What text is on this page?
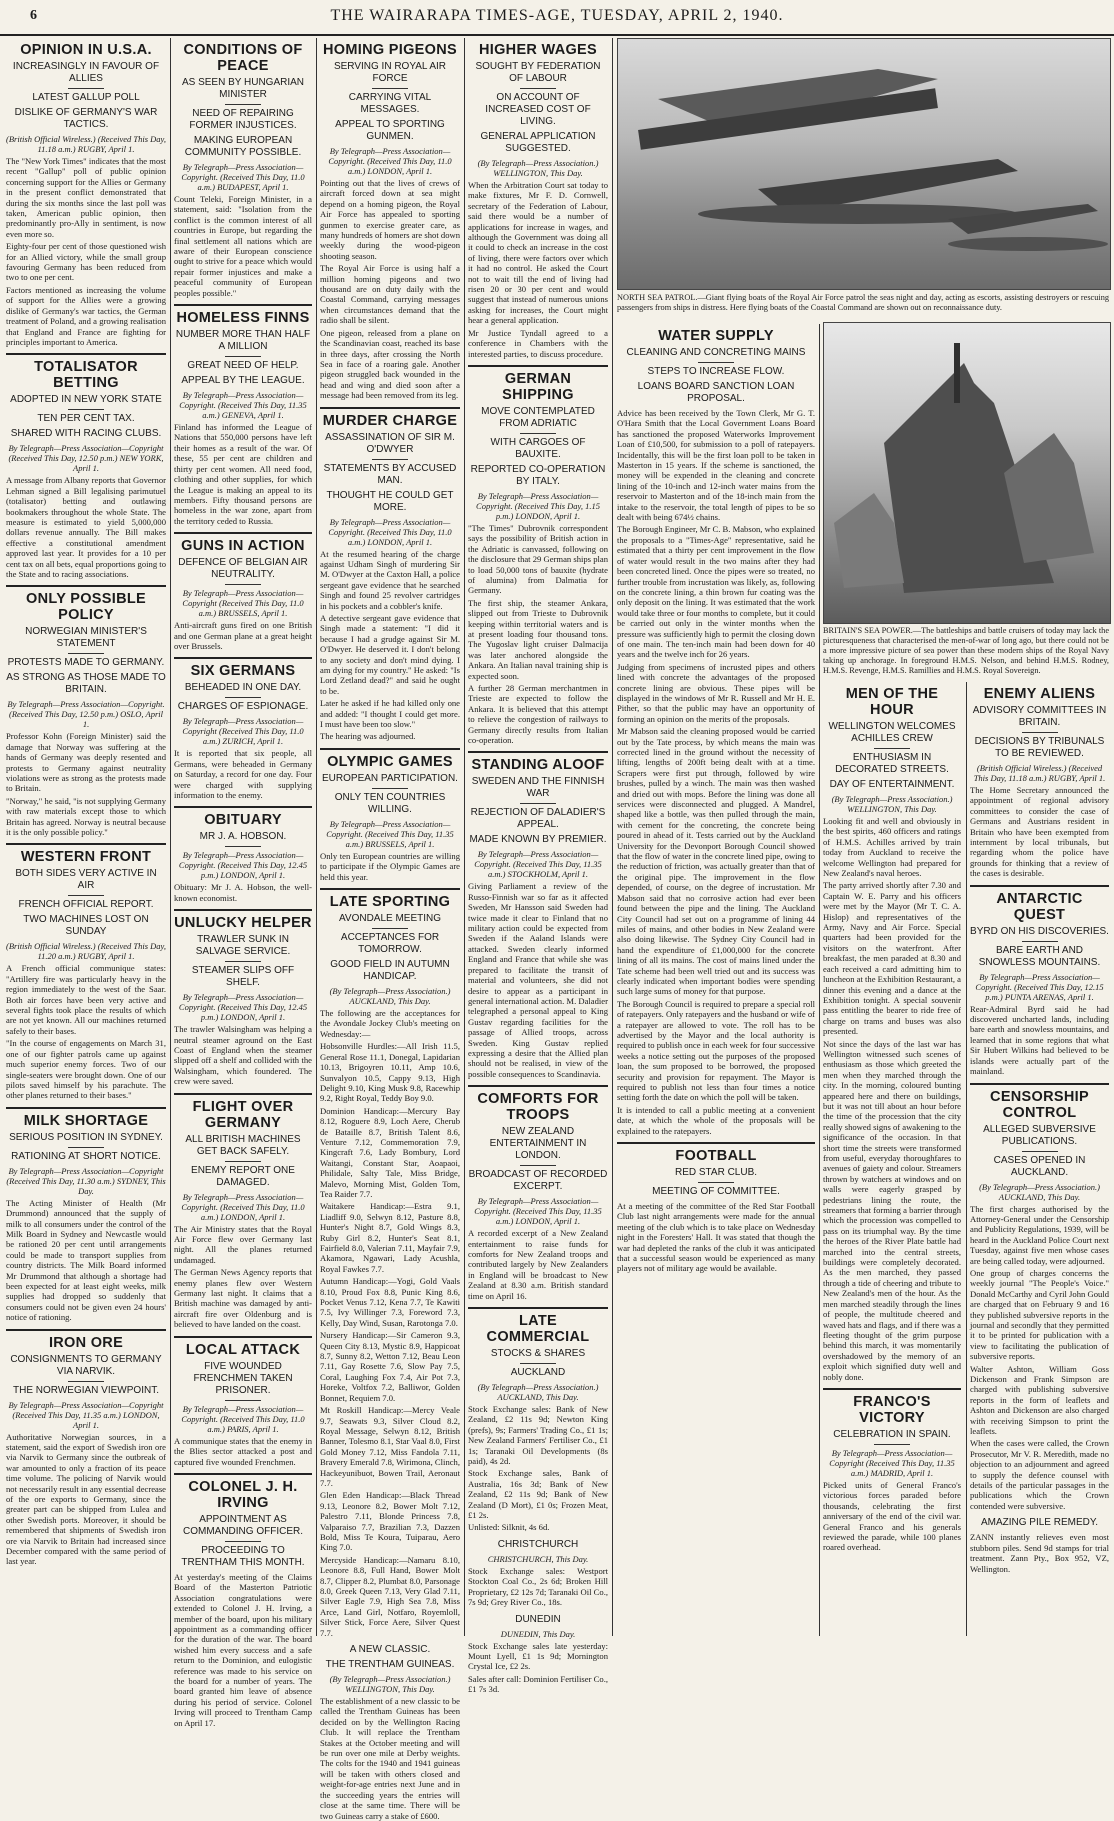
6	THE WAIRARAPA TIMES-AGE, TUESDAY, APRIL 2, 1940.
OPINION IN U.S.A.
INCREASINGLY IN FAVOUR OF ALLIES
LATEST GALLUP POLL
DISLIKE OF GERMANY'S WAR TACTICS.
(British Official Wireless.) (Received This Day, 11.18 a.m.) RUGBY, April 1.

The "New York Times" indicates that the most recent "Gallup" poll of public opinion concerning support for the Allies or Germany in the present conflict demonstrated that during the six months since the last poll was taken, American public opinion, then predominantly pro-Ally in sentiment, is now even more so.

Eighty-four per cent of those questioned wish for an Allied victory, while the small group favouring Germany has been reduced from two to one per cent.

Factors mentioned as increasing the volume of support for the Allies were a growing dislike of Germany's war tactics, the German treatment of Poland, and a growing realisation that England and France are fighting for principles important to America.

TOTALISATOR BETTING
ADOPTED IN NEW YORK STATE
TEN PER CENT TAX.
SHARED WITH RACING CLUBS.
By Telegraph—Press Association—Copyright (Received This Day, 12.50 p.m.) NEW YORK, April 1.

A message from Albany reports that Governor Lehman signed a Bill legalising parimutuel (totalisator) betting and outlawing bookmakers throughout the whole State. The measure is estimated to yield 5,000,000 dollars revenue annually. The Bill makes effective a constitutional amendment approved last year. It provides for a 10 per cent tax on all bets, equal proportions going to the State and to racing associations.

ONLY POSSIBLE POLICY
NORWEGIAN MINISTER'S STATEMENT
PROTESTS MADE TO GERMANY.
AS STRONG AS THOSE MADE TO BRITAIN.
By Telegraph—Press Association—Copyright. (Received This Day, 12.50 p.m.) OSLO, April 1.

Professor Kohn (Foreign Minister) said the damage that Norway was suffering at the hands of Germany was deeply resented and protests to Germany against neutrality violations were as strong as the protests made to Britain.

"Norway," he said, "is not supplying Germany with raw materials except those to which Britain has agreed. Norway is neutral because it is the only possible policy."

WESTERN FRONT
BOTH SIDES VERY ACTIVE IN AIR
FRENCH OFFICIAL REPORT.
TWO MACHINES LOST ON SUNDAY
(British Official Wireless.) (Received This Day, 11.20 a.m.) RUGBY, April 1.

A French official communique states: "Artillery fire was particularly heavy in the region immediately to the west of the Saar. Both air forces have been very active and several fights took place the results of which are not yet known. All our machines returned safely to their bases.

"In the course of engagements on March 31, one of our fighter patrols came up against much superior enemy forces. Two of our single-seaters were brought down. One of our pilots saved himself by his parachute. The other planes returned to their bases."

MILK SHORTAGE
SERIOUS POSITION IN SYDNEY.
RATIONING AT SHORT NOTICE.
By Telegraph—Press Association—Copyright (Received This Day, 11.30 a.m.) SYDNEY, This Day.

The Acting Minister of Health (Mr Drummond) announced that the supply of milk to all consumers under the control of the Milk Board in Sydney and Newcastle would be rationed 20 per cent until arrangements could be made to transport supplies from country districts. The Milk Board informed Mr Drummond that although a shortage had been expected for at least eight weeks, milk supplies had dropped so suddenly that consumers could not be given even 24 hours' notice of rationing.

IRON ORE
CONSIGNMENTS TO GERMANY VIA NARVIK.
THE NORWEGIAN VIEWPOINT.
By Telegraph—Press Association—Copyright (Received This Day, 11.35 a.m.) LONDON, April 1.

Authoritative Norwegian sources, in a statement, said the export of Swedish iron ore via Narvik to Germany since the outbreak of war amounted to only a fraction of its peace time volume. The policing of Narvik would not necessarily result in any essential decrease of the ore exports to Germany, since the greater part can be shipped from Lulea and other Swedish ports. Moreover, it should be remembered that shipments of Swedish iron ore via Narvik to Britain had increased since December compared with the same period of last year.

CONDITIONS OF PEACE
AS SEEN BY HUNGARIAN MINISTER
NEED OF REPAIRING FORMER INJUSTICES.
MAKING EUROPEAN COMMUNITY POSSIBLE.
By Telegraph—Press Association—Copyright. (Received This Day, 11.0 a.m.) BUDAPEST, April 1.

Count Teleki, Foreign Minister, in a statement, said: "Isolation from the conflict is the common interest of all countries in Europe, but regarding the final settlement all nations which are aware of their European conscience ought to strive for a peace which would repair former injustices and make a peaceful community of European peoples possible."

HOMELESS FINNS
NUMBER MORE THAN HALF A MILLION
GREAT NEED OF HELP.
APPEAL BY THE LEAGUE.
By Telegraph—Press Association—Copyright. (Received This Day, 11.35 a.m.) GENEVA, April 1.

Finland has informed the League of Nations that 550,000 persons have left their homes as a result of the war. Of these, 55 per cent are children and thirty per cent women. All need food, clothing and other supplies, for which the League is making an appeal to its members. Fifty thousand persons are homeless in the war zone, apart from the territory ceded to Russia.

GUNS IN ACTION
DEFENCE OF BELGIAN AIR NEUTRALITY.
By Telegraph—Press Association—Copyright (Received This Day, 11.0 a.m.) BRUSSELS, April 1.

Anti-aircraft guns fired on one British and one German plane at a great height over Brussels.

SIX GERMANS
BEHEADED IN ONE DAY.
CHARGES OF ESPIONAGE.
By Telegraph—Press Association—Copyright (Received This Day, 11.0 a.m.) ZURICH, April 1.

It is reported that six people, all Germans, were beheaded in Germany on Saturday, a record for one day. Four were charged with supplying information to the enemy.

OBITUARY
MR J. A. HOBSON.
By Telegraph—Press Association—Copyright. (Received This Day, 12.45 p.m.) LONDON, April 1.

Obituary: Mr J. A. Hobson, the well-known economist.

UNLUCKY HELPER
TRAWLER SUNK IN SALVAGE SERVICE.
STEAMER SLIPS OFF SHELF.
By Telegraph—Press Association—Copyright. (Received This Day, 12.45 p.m.) LONDON, April 1.

The trawler Walsingham was helping a neutral steamer aground on the East Coast of England when the steamer slipped off a shelf and collided with the Walsingham, which foundered. The crew were saved.

FLIGHT OVER GERMANY
ALL BRITISH MACHINES GET BACK SAFELY.
ENEMY REPORT ONE DAMAGED.
By Telegraph—Press Association—Copyright. (Received This Day, 11.0 a.m.) LONDON, April 1.

The Air Ministry states that the Royal Air Force flew over Germany last night. All the planes returned undamaged.

The German News Agency reports that enemy planes flew over Western Germany last night. It claims that a British machine was damaged by anti-aircraft fire over Oldenburg and is believed to have landed on the coast.

LOCAL ATTACK
FIVE WOUNDED FRENCHMEN TAKEN PRISONER.
By Telegraph—Press Association—Copyright. (Received This Day, 11.0 a.m.) PARIS, April 1.

A communique states that the enemy in the Blies sector attacked a post and captured five wounded Frenchmen.

COLONEL J. H. IRVING
APPOINTMENT AS COMMANDING OFFICER.
PROCEEDING TO TRENTHAM THIS MONTH.

At yesterday's meeting of the Claims Board of the Masterton Patriotic Association congratulations were extended to Colonel J. H. Irving, a member of the board, upon his military appointment as a commanding officer for the duration of the war. The board wished him every success and a safe return to the Dominion, and eulogistic reference was made to his service on the board for a number of years. The board granted him leave of absence during his period of service. Colonel Irving will proceed to Trentham Camp on April 17.

HOMING PIGEONS
SERVING IN ROYAL AIR FORCE
CARRYING VITAL MESSAGES.
APPEAL TO SPORTING GUNMEN.
By Telegraph—Press Association—Copyright. (Received This Day, 11.0 a.m.) LONDON, April 1.

Pointing out that the lives of crews of aircraft forced down at sea might depend on a homing pigeon, the Royal Air Force has appealed to sporting gunmen to exercise greater care, as many hundreds of homers are shot down weekly during the wood-pigeon shooting season.

The Royal Air Force is using half a million homing pigeons and two thousand are on duty daily with the Coastal Command, carrying messages when circumstances demand that the radio shall be silent.

One pigeon, released from a plane on the Scandinavian coast, reached its base in three days, after crossing the North Sea in face of a roaring gale. Another pigeon struggled back wounded in the head and wing and died soon after a message had been removed from its leg.

MURDER CHARGE
ASSASSINATION OF SIR M. O'DWYER
STATEMENTS BY ACCUSED MAN.
THOUGHT HE COULD GET MORE.
By Telegraph—Press Association—Copyright. (Received This Day, 11.0 a.m.) LONDON, April 1.

At the resumed hearing of the charge against Udham Singh of murdering Sir M. O'Dwyer at the Caxton Hall, a police sergeant gave evidence that he searched Singh and found 25 revolver cartridges in his pockets and a cobbler's knife.

A detective sergeant gave evidence that Singh made a statement: "I did it because I had a grudge against Sir M. O'Dwyer. He deserved it. I don't belong to any society and don't mind dying. I am dying for my country." He asked: "Is Lord Zetland dead?" and said he ought to be.

Later he asked if he had killed only one and added: "I thought I could get more. I must have been too slow."

The hearing was adjourned.

OLYMPIC GAMES
EUROPEAN PARTICIPATION.
ONLY TEN COUNTRIES WILLING.
By Telegraph—Press Association—Copyright. (Received This Day, 11.35 a.m.) BRUSSELS, April 1.

Only ten European countries are willing to participate if the Olympic Games are held this year.

LATE SPORTING
AVONDALE MEETING
ACCEPTANCES FOR TOMORROW.
GOOD FIELD IN AUTUMN HANDICAP.
(By Telegraph—Press Association.) AUCKLAND, This Day.

The following are the acceptances for the Avondale Jockey Club's meeting on Wednesday:—

Hobsonville Hurdles:—All Irish 11.5, General Rose 11.1, Donegal, Lapidarian 10.13, Brigoyren 10.11, Amp 10.6, Sunvalyon 10.5, Cappy 9.13, High Delight 9.10, King Musk 9.8, Racewhip 9.2, Right Royal, Teddy Boy 9.0.

Dominion Handicap:—Mercury Bay 8.12, Roguere 8.9, Loch Aere, Cherub de Bataille 8.7, British Talent 8.6, Venture 7.12, Commemoration 7.9, Kingcraft 7.6, Lady Bombury, Lord Waitangi, Constant Star, Aoapaoi, Philidale, Salty Tale, Miss Bridge, Malevo, Morning Mist, Golden Tom, Tea Raider 7.7.

Waitakere Handicap:—Estra 9.1, Liadliff 9.0, Selwyn 8.12, Pasture 8.8, Hunter's Night 8.7, Gold Wings 8.3, Ruby Girl 8.2, Hunter's Seat 8.1, Fairfield 8.0, Valerian 7.11, Mayfair 7.9, Akamora, Ngawari, Lady Acushla, Royal Fawkes 7.7.

Autumn Handicap:—Yogi, Gold Vaals 8.10, Proud Fox 8.8, Punic King 8.6, Pocket Venus 7.12, Kena 7.7, Te Kawiti 7.5, Ivy Willinger 7.3, Foreword 7.3, Kelly, Day Wind, Susan, Rarotonga 7.0.

Nursery Handicap:—Sir Cameron 9.3, Queen City 8.13, Mystic 8.9, Happicoat 8.7, Sunny 8.2, Wetton 7.12, Beau Leon 7.11, Gay Rosette 7.6, Slow Pay 7.5, Coral, Laughing Fox 7.4, Air Pot 7.3, Horeke, Voltfox 7.2, Balliwor, Golden Bonnet, Requiem 7.0.

Mt Roskill Handicap:—Mercy Veale 9.7, Seawats 9.3, Silver Cloud 8.2, Royal Message, Selwyn 8.12, British Banner, Tolesmo 8.1, Star Vaal 8.0, First Gold Money 7.12, Miss Fandola 7.11, Bravery Emerald 7.8, Wirimona, Clinch, Hackeyunibuot, Bowen Trail, Aeronaut 7.7.

Glen Eden Handicap:—Black Thread 9.13, Leonore 8.2, Bower Molt 7.12, Palestro 7.11, Blonde Princess 7.8, Valparaiso 7.7, Brazilian 7.3, Dazzen Bold, Miss Te Koura, Tuiparau, Aero King 7.0.

Mercyside Handicap:—Namaru 8.10, Leonore 8.8, Full Hand, Bower Molt 8.7, Clipper 8.2, Plumbat 8.0, Parsonage 8.0, Greek Queen 7.13, Very Glad 7.11, Silver Eagle 7.9, High Sea 7.8, Miss Arce, Land Girl, Notfaro, Royemloll, Silver Stick, Force Aere, Silver Quest 7.7.

A NEW CLASSIC.
THE TRENTHAM GUINEAS.
(By Telegraph—Press Association.) WELLINGTON, This Day.

The establishment of a new classic to be called the Trentham Guineas has been decided on by the Wellington Racing Club. It will replace the Trentham Stakes at the October meeting and will be run over one mile at Derby weights. The colts for the 1940 and 1941 guineas will be taken with others closed and weight-for-age entries next June and in the succeeding years the entries will close at the same time. There will be two Guineas carry a stake of £600.

HIGHER WAGES
SOUGHT BY FEDERATION OF LABOUR
ON ACCOUNT OF INCREASED COST OF LIVING.
GENERAL APPLICATION SUGGESTED.
(By Telegraph—Press Association.) WELLINGTON, This Day.

When the Arbitration Court sat today to make fixtures, Mr F. D. Cornwell, secretary of the Federation of Labour, said there would be a number of applications for increase in wages, and although the Government was doing all it could to check an increase in the cost of living, there were factors over which it had no control. He asked the Court not to wait till the end of living had risen 20 or 30 per cent and would suggest that instead of numerous unions asking for increases, the Court might hear a general application.

Mr Justice Tyndall agreed to a conference in Chambers with the interested parties, to discuss procedure.

GERMAN SHIPPING
MOVE CONTEMPLATED FROM ADRIATIC
WITH CARGOES OF BAUXITE.
REPORTED CO-OPERATION BY ITALY.
By Telegraph—Press Association—Copyright. (Received This Day, 1.15 p.m.) LONDON, April 1.

"The Times" Dubrovnik correspondent says the possibility of British action in the Adriatic is canvassed, following on the disclosure that 29 German ships plan to load 50,000 tons of bauxite (hydrate of alumina) from Dalmatia for Germany.

The first ship, the steamer Ankara, slipped out from Trieste to Dubrovnik keeping within territorial waters and is at present loading four thousand tons. The Yugoslav light cruiser Dalmacija was later anchored alongside the Ankara. An Italian naval training ship is expected soon.

A further 28 German merchantmen in Trieste are expected to follow the Ankara. It is believed that this attempt to relieve the congestion of railways to Germany directly results from Italian co-operation.

STANDING ALOOF
SWEDEN AND THE FINNISH WAR
REJECTION OF DALADIER'S APPEAL.
MADE KNOWN BY PREMIER.
By Telegraph—Press Association—Copyright. (Received This Day, 11.35 a.m.) STOCKHOLM, April 1.

Giving Parliament a review of the Russo-Finnish war so far as it affected Sweden, Mr Hansson said Sweden had twice made it clear to Finland that no military action could be expected from Sweden if the Aaland Islands were attacked. Sweden clearly informed England and France that while she was prepared to facilitate the transit of material and volunteers, she did not desire to appear as a participant in general international action. M. Daladier telegraphed a personal appeal to King Gustav regarding facilities for the passage of Allied troops, across Sweden. King Gustav replied expressing a desire that the Allied plan should not be realised, in view of the possible consequences to Scandinavia.

COMFORTS FOR TROOPS
NEW ZEALAND ENTERTAINMENT IN LONDON.
BROADCAST OF RECORDED EXCERPT.
By Telegraph—Press Association—Copyright. (Received This Day, 11.35 a.m.) LONDON, April 1.

A recorded excerpt of a New Zealand entertainment to raise funds for comforts for New Zealand troops and contributed largely by New Zealanders in England will be broadcast to New Zealand at 8.30 a.m. British standard time on April 16.

LATE COMMERCIAL
STOCKS & SHARES
AUCKLAND
(By Telegraph—Press Association.) AUCKLAND, This Day.

Stock Exchange sales: Bank of New Zealand, £2 11s 9d; Newton King (prefs), 9s; Farmers' Trading Co., £1 1s; New Zealand Farmers' Fertiliser Co., £1 1s; Taranaki Oil Developments (8s paid), 4s 2d.

Stock Exchange sales, Bank of Australia, 16s 3d; Bank of New Zealand, £2 11s 9d; Bank of New Zealand (D Mort), £1 0s; Frozen Meat, £1 2s.

Unlisted: Silknit, 4s 6d.

CHRISTCHURCH
CHRISTCHURCH, This Day.

Stock Exchange sales: Westport Stockton Coal Co., 2s 6d; Broken Hill Proprietary, £2 12s 7d; Taranaki Oil Co., 7s 9d; Grey River Co., 18s.

DUNEDIN
DUNEDIN, This Day.

Stock Exchange sales late yesterday: Mount Lyell, £1 1s 9d; Mornington Crystal Ice, £2 2s.

Sales after call: Dominion Fertiliser Co., £1 7s 3d.

NORTH SEA PATROL.—Giant flying boats of the Royal Air Force patrol the seas night and day, acting as escorts, assisting destroyers or rescuing passengers from ships in distress. Here flying boats of the Coastal Command are shown out on reconnaissance duty.
WATER SUPPLY
CLEANING AND CONCRETING MAINS
STEPS TO INCREASE FLOW.
LOANS BOARD SANCTION LOAN PROPOSAL.

Advice has been received by the Town Clerk, Mr G. T. O'Hara Smith that the Local Government Loans Board has sanctioned the proposed Waterworks Improvement Loan of £10,500, for submission to a poll of ratepayers. Incidentally, this will be the first loan poll to be taken in Masterton in 15 years. If the scheme is sanctioned, the money will be expended in the cleaning and concrete lining of the 10-inch and 12-inch water mains from the reservoir to Masterton and of the 18-inch main from the intake to the reservoir, the total length of pipes to be so dealt with being 674½ chains.

The Borough Engineer, Mr C. B. Mabson, who explained the proposals to a "Times-Age" representative, said he estimated that a thirty per cent improvement in the flow of water would result in the two mains after they had been concreted lined. Once the pipes were so treated, no further trouble from incrustation was likely, as, following on the concrete lining, a thin brown fur coating was the only deposit on the lining. It was estimated that the work would take three or four months to complete, but it could be carried out only in the winter months when the pressure was sufficiently high to permit the closing down of one main. The ten-inch main had been down for 40 years and the twelve inch for 26 years.

Judging from specimens of incrusted pipes and others lined with concrete the advantages of the proposed concrete lining are obvious. These pipes will be displayed in the windows of Mr R. Russell and Mr H. E. Pither, so that the public may have an opportunity of forming an opinion on the merits of the proposals.

Mr Mabson said the cleaning proposed would be carried out by the Tate process, by which means the main was corrected lined in the ground without the necessity of lifting, lengths of 200ft being dealt with at a time. Scrapers were first put through, followed by wire brushes, pulled by a winch. The main was then washed and dried out with mops. Before the lining was done all services were disconnected and plugged. A Mandrel, shaped like a bottle, was then pulled through the main, with cement for the concreting, the concrete being poured in ahead of it. Tests carried out by the Auckland University for the Devonport Borough Council showed that the flow of water in the concrete lined pipe, owing to the reduction of friction, was actually greater than that of the original pipe. The improvement in the flow depended, of course, on the degree of incrustation. Mr Mabson said that no corrosive action had ever been found between the pipe and the lining. The Auckland City Council had set out on a programme of lining 44 miles of mains, and other bodies in New Zealand were also doing likewise. The Sydney City Council had in hand the expenditure of £1,000,000 for the concrete lining of all its mains. The cost of mains lined under the Tate scheme had been well tried out and its success was clearly indicated when important bodies were spending such large sums of money for that purpose.

The Borough Council is required to prepare a special roll of ratepayers. Only ratepayers and the husband or wife of a ratepayer are allowed to vote. The roll has to be advertised by the Mayor and the local authority is required to publish once in each week for four successive weeks a notice setting out the purposes of the proposed loan, the sum proposed to be borrowed, the proposed security and provision for repayment. The Mayor is required to publish not less than four times a notice setting forth the date on which the poll will be taken.

It is intended to call a public meeting at a convenient date, at which the whole of the proposals will be explained to the ratepayers.

FOOTBALL
RED STAR CLUB.
MEETING OF COMMITTEE.

At a meeting of the committee of the Red Star Football Club last night arrangements were made for the annual meeting of the club which is to take place on Wednesday night in the Foresters' Hall. It was stated that though the war had depleted the ranks of the club it was anticipated that a successful season would be experienced as many players not of military age would be available.

BRITAIN'S SEA POWER.—The battleships and battle cruisers of today may lack the picturesqueness that characterised the men-of-war of long ago, but there could not be a more impressive picture of sea power than these modern ships of the Royal Navy taking up anchorage. In foreground H.M.S. Nelson, and behind H.M.S. Rodney, H.M.S. Revenge, H.M.S. Ramillies and H.M.S. Royal Sovereign.
MEN OF THE HOUR
WELLINGTON WELCOMES ACHILLES CREW
ENTHUSIASM IN DECORATED STREETS.
DAY OF ENTERTAINMENT.
(By Telegraph—Press Association.) WELLINGTON, This Day.

Looking fit and well and obviously in the best spirits, 460 officers and ratings of H.M.S. Achilles arrived by train today from Auckland to receive the welcome Wellington had prepared for New Zealand's naval heroes.

The party arrived shortly after 7.30 and Captain W. E. Parry and his officers were met by the Mayor (Mr T. C. A. Hislop) and representatives of the Army, Navy and Air Force. Special quarters had been provided for the visitors on the waterfront. After breakfast, the men paraded at 8.30 and each received a card admitting him to luncheon at the Exhibition Restaurant, a dinner this evening and a dance at the Exhibition tonight. A special souvenir pass entitling the bearer to ride free of charge on trams and buses was also presented.

Not since the days of the last war has Wellington witnessed such scenes of enthusiasm as those which greeted the men when they marched through the city. In the morning, coloured bunting appeared here and there on buildings, but it was not till about an hour before the time of the procession that the city really showed signs of awakening to the significance of the occasion. In that short time the streets were transformed from useful, everyday thoroughfares to avenues of gaiety and colour. Streamers thrown by watchers at windows and on walls were eagerly grasped by pedestrians lining the route, the streamers that forming a barrier through which the procession was compelled to pass on its triumphal way. By the time the heroes of the River Plate battle had marched into the central streets, buildings were completely decorated. As the men marched, they passed through a tide of cheering and tribute to New Zealand's men of the hour. As the men marched steadily through the lines of people, the multitude cheered and waved hats and flags, and if there was a fleeting thought of the grim purpose behind this march, it was momentarily overshadowed by the memory of an exploit which signified duty well and nobly done.

FRANCO'S VICTORY
CELEBRATION IN SPAIN.
By Telegraph—Press Association—Copyright (Received This Day, 11.35 a.m.) MADRID, April 1.

Picked units of General Franco's victorious forces paraded before thousands, celebrating the first anniversary of the end of the civil war. General Franco and his generals reviewed the parade, while 100 planes roared overhead.

ENEMY ALIENS
ADVISORY COMMITTEES IN BRITAIN.
DECISIONS BY TRIBUNALS TO BE REVIEWED.
(British Official Wireless.) (Received This Day, 11.18 a.m.) RUGBY, April 1.

The Home Secretary announced the appointment of regional advisory committees to consider the case of Germans and Austrians resident in Britain who have been exempted from internment by local tribunals, but regarding whom the police have grounds for thinking that a review of the cases is desirable.

ANTARCTIC QUEST
BYRD ON HIS DISCOVERIES.
BARE EARTH AND SNOWLESS MOUNTAINS.
By Telegraph—Press Association—Copyright. (Received This Day, 12.15 p.m.) PUNTA ARENAS, April 1.

Rear-Admiral Byrd said he had discovered uncharted lands, including bare earth and snowless mountains, and learned that in some regions that what Sir Hubert Wilkins had believed to be islands were actually part of the mainland.

CENSORSHIP CONTROL
ALLEGED SUBVERSIVE PUBLICATIONS.
CASES OPENED IN AUCKLAND.
(By Telegraph—Press Association.) AUCKLAND, This Day.

The first charges authorised by the Attorney-General under the Censorship and Publicity Regulations, 1939, will be heard in the Auckland Police Court next Tuesday, against five men whose cases are being called today, were adjourned.

One group of charges concerns the weekly journal "The People's Voice." Donald McCarthy and Cyril John Gould are charged that on February 9 and 16 they published subversive reports in the journal and secondly that they permitted it to be printed for publication with a view to facilitating the publication of subversive reports.

Walter Ashton, William Goss Dickenson and Frank Simpson are charged with publishing subversive reports in the form of leaflets and Ashton and Dickenson are also charged with receiving Simpson to print the leaflets.

When the cases were called, the Crown Prosecutor, Mr V. R. Meredith, made no objection to an adjournment and agreed to supply the defence counsel with details of the particular passages in the publications which the Crown contended were subversive.

AMAZING PILE REMEDY.

ZANN instantly relieves even most stubborn piles. Send 9d stamps for trial treatment. Zann Pty., Box 952, VZ, Wellington.
